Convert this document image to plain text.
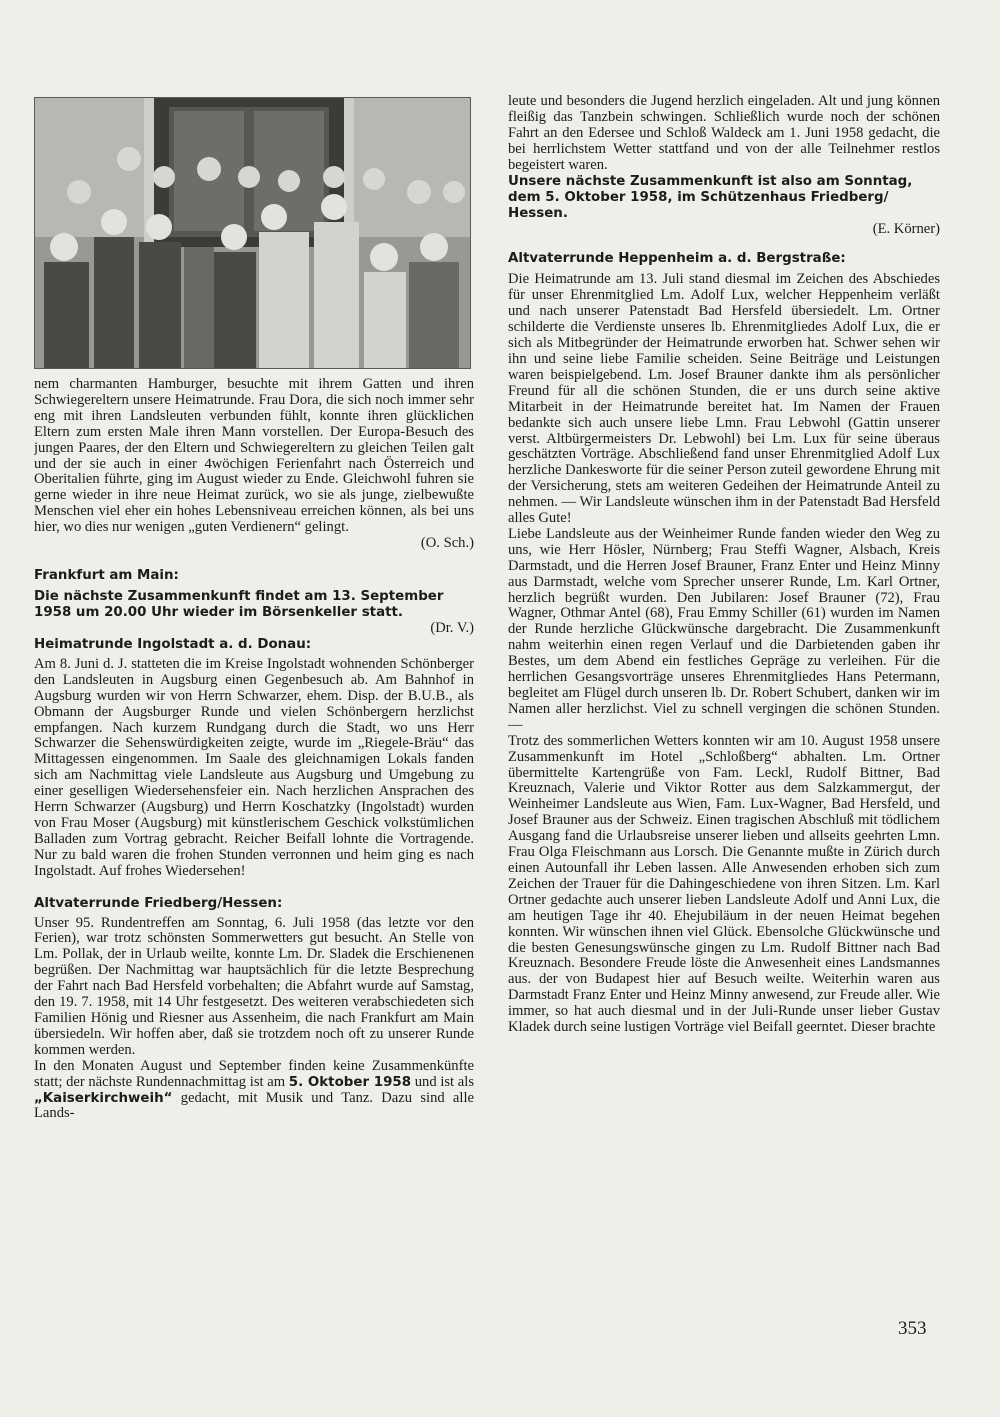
nem charmanten Hamburger, besuchte mit ihrem Gatten und ihren Schwiegereltern unsere Heimatrunde. Frau Dora, die sich noch immer sehr eng mit ihren Landsleuten verbunden fühlt, konnte ihren glücklichen Eltern zum ersten Male ihren Mann vorstellen. Der Europa-Besuch des jungen Paares, der den Eltern und Schwiegereltern zu gleichen Teilen galt und der sie auch in einer 4wöchigen Ferienfahrt nach Österreich und Oberitalien führte, ging im August wieder zu Ende. Gleichwohl fuhren sie gerne wieder in ihre neue Heimat zurück, wo sie als junge, zielbewußte Menschen viel eher ein hohes Lebensniveau erreichen können, als bei uns hier, wo dies nur wenigen „guten Verdienern“ gelingt.
(O. Sch.)

Frankfurt am Main:

Die nächste Zusammenkunft findet am 13. September 1958 um 20.00 Uhr wieder im Börsenkeller statt.

(Dr. V.)

Heimatrunde Ingolstadt a. d. Donau:

Am 8. Juni d. J. statteten die im Kreise Ingolstadt wohnenden Schönberger den Landsleuten in Augsburg einen Gegenbesuch ab. Am Bahnhof in Augsburg wurden wir von Herrn Schwarzer, ehem. Disp. der B.U.B., als Obmann der Augsburger Runde und vielen Schönbergern herzlichst empfangen. Nach kurzem Rundgang durch die Stadt, wo uns Herr Schwarzer die Sehenswürdigkeiten zeigte, wurde im „Riegele-Bräu“ das Mittagessen eingenommen. Im Saale des gleichnamigen Lokals fanden sich am Nachmittag viele Landsleute aus Augsburg und Umgebung zu einer geselligen Wiedersehensfeier ein. Nach herzlichen Ansprachen des Herrn Schwarzer (Augsburg) und Herrn Koschatzky (Ingolstadt) wurden von Frau Moser (Augsburg) mit künstlerischem Geschick volkstümlichen Balladen zum Vortrag gebracht. Reicher Beifall lohnte die Vortragende. Nur zu bald waren die frohen Stunden verronnen und heim ging es nach Ingolstadt. Auf frohes Wiedersehen!

Altvaterrunde Friedberg/Hessen:

Unser 95. Rundentreffen am Sonntag, 6. Juli 1958 (das letzte vor den Ferien), war trotz schönsten Sommerwetters gut besucht. An Stelle von Lm. Pollak, der in Urlaub weilte, konnte Lm. Dr. Sladek die Erschienenen begrüßen. Der Nachmittag war hauptsächlich für die letzte Besprechung der Fahrt nach Bad Hersfeld vorbehalten; die Abfahrt wurde auf Samstag, den 19. 7. 1958, mit 14 Uhr festgesetzt. Des weiteren verabschiedeten sich Familien Hönig und Riesner aus Assenheim, die nach Frankfurt am Main übersiedeln. Wir hoffen aber, daß sie trotzdem noch oft zu unserer Runde kommen werden.

In den Monaten August und September finden keine Zusammenkünfte statt; der nächste Rundennachmittag ist am 5. Oktober 1958 und ist als „Kaiserkirchweih“ gedacht, mit Musik und Tanz. Dazu sind alle Lands-

leute und besonders die Jugend herzlich eingeladen. Alt und jung können fleißig das Tanzbein schwingen. Schließlich wurde noch der schönen Fahrt an den Edersee und Schloß Waldeck am 1. Juni 1958 gedacht, die bei herrlichstem Wetter stattfand und von der alle Teilnehmer restlos begeistert waren.

Unsere nächste Zusammenkunft ist also am Sonntag, dem 5. Oktober 1958, im Schützenhaus Friedberg/ Hessen.

(E. Körner)

Altvaterrunde Heppenheim a. d. Bergstraße:

Die Heimatrunde am 13. Juli stand diesmal im Zeichen des Abschiedes für unser Ehrenmitglied Lm. Adolf Lux, welcher Heppenheim verläßt und nach unserer Patenstadt Bad Hersfeld übersiedelt. Lm. Ortner schilderte die Verdienste unseres lb. Ehrenmitgliedes Adolf Lux, die er sich als Mitbegründer der Heimatrunde erworben hat. Schwer sehen wir ihn und seine liebe Familie scheiden. Seine Beiträge und Leistungen waren beispielgebend. Lm. Josef Brauner dankte ihm als persönlicher Freund für all die schönen Stunden, die er uns durch seine aktive Mitarbeit in der Heimatrunde bereitet hat. Im Namen der Frauen bedankte sich auch unsere liebe Lmn. Frau Lebwohl (Gattin unserer verst. Altbürgermeisters Dr. Lebwohl) bei Lm. Lux für seine überaus geschätzten Vorträge. Abschließend fand unser Ehrenmitglied Adolf Lux herzliche Dankesworte für die seiner Person zuteil gewordene Ehrung mit der Versicherung, stets am weiteren Gedeihen der Heimatrunde Anteil zu nehmen. — Wir Landsleute wünschen ihm in der Patenstadt Bad Hersfeld alles Gute!

Liebe Landsleute aus der Weinheimer Runde fanden wieder den Weg zu uns, wie Herr Hösler, Nürnberg; Frau Steffi Wagner, Alsbach, Kreis Darmstadt, und die Herren Josef Brauner, Franz Enter und Heinz Minny aus Darmstadt, welche vom Sprecher unserer Runde, Lm. Karl Ortner, herzlich begrüßt wurden. Den Jubilaren: Josef Brauner (72), Frau Wagner, Othmar Antel (68), Frau Emmy Schiller (61) wurden im Namen der Runde herzliche Glückwünsche dargebracht. Die Zusammenkunft nahm weiterhin einen regen Verlauf und die Darbietenden gaben ihr Bestes, um dem Abend ein festliches Gepräge zu verleihen. Für die herrlichen Gesangsvorträge unseres Ehrenmitgliedes Hans Petermann, begleitet am Flügel durch unseren lb. Dr. Robert Schubert, danken wir im Namen aller herzlichst. Viel zu schnell vergingen die schönen Stunden. —

Trotz des sommerlichen Wetters konnten wir am 10. August 1958 unsere Zusammenkunft im Hotel „Schloßberg“ abhalten. Lm. Ortner übermittelte Kartengrüße von Fam. Leckl, Rudolf Bittner, Bad Kreuznach, Valerie und Viktor Rotter aus dem Salzkammergut, der Weinheimer Landsleute aus Wien, Fam. Lux-Wagner, Bad Hersfeld, und Josef Brauner aus der Schweiz. Einen tragischen Abschluß mit tödlichem Ausgang fand die Urlaubsreise unserer lieben und allseits geehrten Lmn. Frau Olga Fleischmann aus Lorsch. Die Genannte mußte in Zürich durch einen Autounfall ihr Leben lassen. Alle Anwesenden erhoben sich zum Zeichen der Trauer für die Dahingeschiedene von ihren Sitzen. Lm. Karl Ortner gedachte auch unserer lieben Landsleute Adolf und Anni Lux, die am heutigen Tage ihr 40. Ehejubiläum in der neuen Heimat begehen konnten. Wir wünschen ihnen viel Glück. Ebensolche Glückwünsche und die besten Genesungswünsche gingen zu Lm. Rudolf Bittner nach Bad Kreuznach. Besondere Freude löste die Anwesenheit eines Landsmannes aus. der von Budapest hier auf Besuch weilte. Weiterhin waren aus Darmstadt Franz Enter und Heinz Minny anwesend, zur Freude aller. Wie immer, so hat auch diesmal und in der Juli-Runde unser lieber Gustav Kladek durch seine lustigen Vorträge viel Beifall geerntet. Dieser brachte

353
